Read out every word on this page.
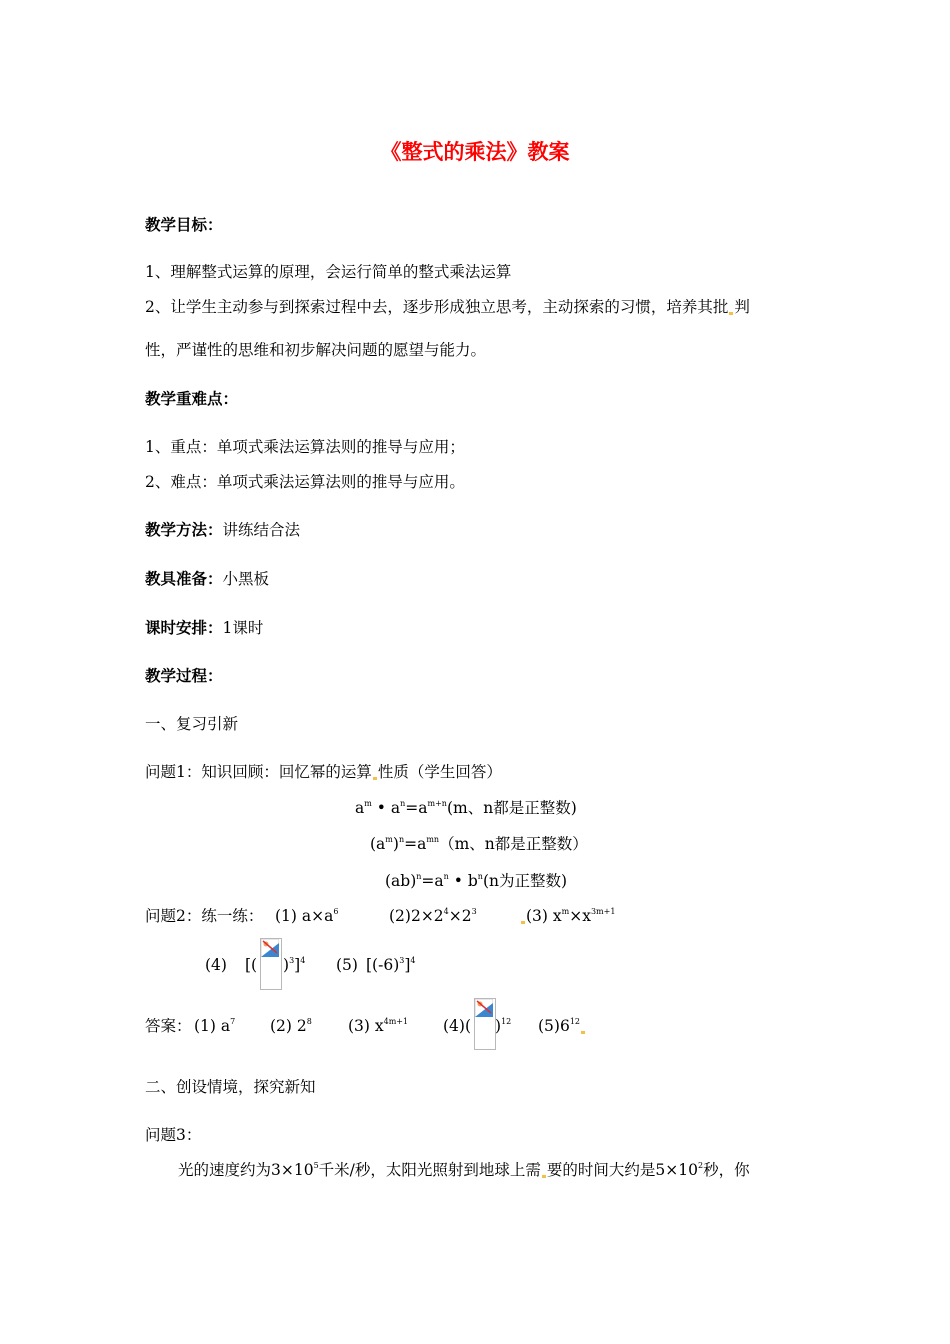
《整式的乘法》教案
教学目标：
1、理解整式运算的原理，会运行简单的整式乘法运算
2、让学生主动参与到探索过程中去，逐步形成独立思考，主动探索的习惯，培养其批 判
性，严谨性的思维和初步解决问题的愿望与能力。
教学重难点：
1、重点：单项式乘法运算法则的推导与应用；
2、难点：单项式乘法运算法则的推导与应用。
教学方法：讲练结合法
教具准备：小黑板
课时安排：1课时
教学过程：
一、复习引新
问题1：知识回顾：回忆幂的运算 性质（学生回答）
$a^m$ • $a^n=a^{m+n}(m$、n都是正整数)
$(a^m)^n=a^{mn}(m$、n都是正整数）
$(ab)^n=a^n$ • $b^n(n$为正整数)
问题2：练一练： (1) $a\times a^6$	$(2)2\times 2^4\times 2^3$	(3) $x^m\times x^{3m+1}$
(4) [( )$^3$]$^4$ (5) $[(-6)^3]^4$
答案： (1) $a^7$ (2) $2^8$ (3) $x^{4m+1}$ (4)( )$^{12}$ $(5)6^{12}$
二、创设情境，探究新知
问题3：
光的速度约为$3\times 10^5$千米/秒，太阳光照射到地球上需 要的时间大约是$5\times 10^2$秒，你
